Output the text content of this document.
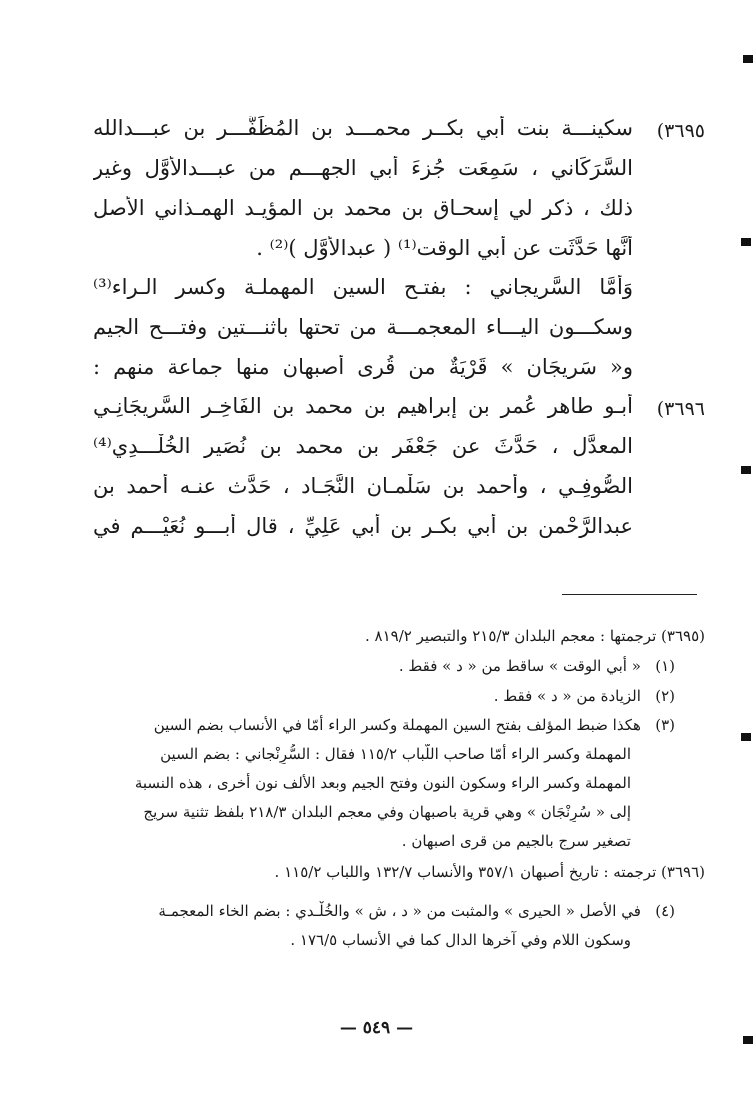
(٣٦٩٥
سكينـــة بنت أبي بكــر محمـــد بن المُظَفَّـــر بن عبـــدالله
السَّرَكَاني ، سَمِعَت جُزءَ أبي الجهـــم من عبـــدالأوَّل وغير
ذلك ، ذكر لي إسحـاق بن محمد بن المؤيـد الهمـذاني الأصل
أنَّها حَدَّثَت عن أبي الوقت⁽¹⁾ ( عبدالأوَّل )⁽²⁾ .
وَأمَّا السَّرِيجاني : بفتـح السين المهملـة وكسر الـراء⁽³⁾
وسكـــون اليـــاء المعجمـــة من تحتها باثنـــتين وفتـــح الجيم
و« سَرِيجَان » قَرْيَةٌ من قُرى أصبهان منها جماعة منهم :
(٣٦٩٦
أبـو طاهر عُمر بن إبراهيم بن محمد بن الفَاخِـر السَّرِيجَانِـي
المعدَّل ، حَدَّثَ عن جَعْفَر بن محمد بن نُصَير الخُلْـــدِي⁽⁴⁾
الصُّوفِـي ، وأحمد بن سَلْمـان النَّجَـاد ، حَدَّث عنـه أحمد بن
عبدالرَّحْمن بن أبي بكـر بن أبي عَلِيِّ ، قال أبـــو نُعَيْـــم في
(٣٦٩٥) ترجمتها : معجم البلدان ٢١٥/٣ والتبصير ٨١٩/٢ .
(١)   « أبي الوقت » ساقط من « د » فقط .
(٢)   الزيادة من « د » فقط .
(٣)   هكذا ضبط المؤلف بفتح السين المهملة وكسر الراء أمّا في الأنساب بضم السين
المهملة وكسر الراء أمّا صاحب اللّباب ١١٥/٢ فقال : السُّرِنْجاني : بضم السين
المهملة وكسر الراء وسكون النون وفتح الجيم وبعد الألف نون أخرى ، هذه النسبة
إلى « سُرِنْجَان » وهي قرية باصبهان وفي معجم البلدان ٢١٨/٣ بلفظ تثنية سريج
تصغير سرج بالجيم من قرى اصبهان .
(٣٦٩٦) ترجمته : تاريخ أصبهان ٣٥٧/١ والأنساب ١٣٢/٧ واللباب ١١٥/٢ .
(٤)   في الأصل « الحيرى » والمثبت من « د ، ش » والخُلْـدي : بضم الخاء المعجمـة
وسكون اللام وفي آخرها الدال كما في الأنساب ١٧٦/٥ .
— ٥٤٩ —
